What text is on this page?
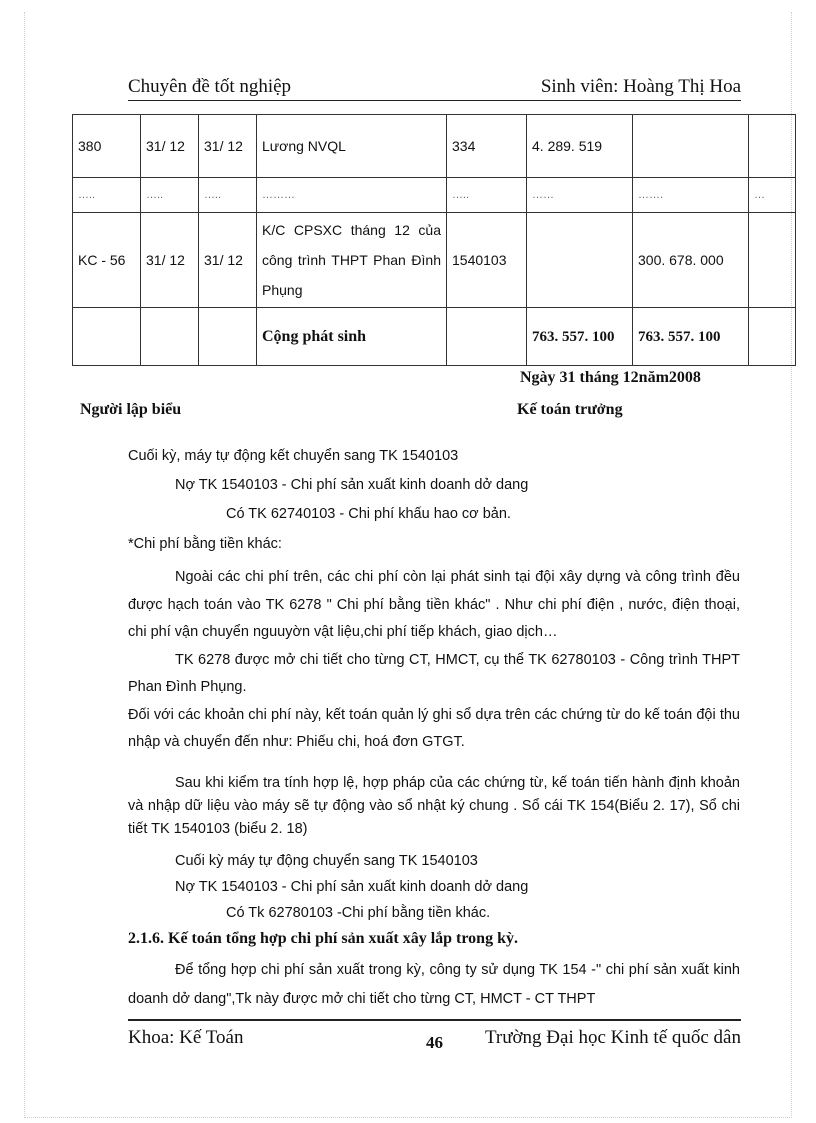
Chuyên đề tốt nghiệp	Sinh viên: Hoàng Thị Hoa
380	31/ 12	31/ 12	Lương NVQL	334	4. 289. 519		
…..	…..	…..	………	…..	……	…….	…
KC - 56	31/ 12	31/ 12	K/C CPSXC tháng 12 của công trình THPT Phan Đình Phụng	1540103		300. 678. 000	
			Cộng phát sinh		763. 557. 100	763. 557. 100	
Ngày 31 tháng 12năm2008
Người lập biểu	Kế toán trưởng
Cuối kỳ, máy tự động kết chuyển sang TK 1540103
Nợ TK 1540103 - Chi phí sản xuất kinh doanh dở dang
Có TK 62740103 - Chi phí khấu hao cơ bản.
*Chi phí bằng tiền khác:

Ngoài các chi phí trên, các chi phí còn lại phát sinh tại đội xây dựng và công trình đều được hạch toán vào TK 6278 " Chi phí bằng tiền khác" . Như chi phí điện , nước, điện thoại, chi phí vận chuyển nguuyờn vật liệu,chi phí tiếp khách, giao dịch…

TK 6278 được mở chi tiết cho từng CT, HMCT, cụ thể TK 62780103 - Công trình THPT Phan Đình Phụng.

Đối với các khoản chi phí này, kết toán quản lý ghi sổ dựa trên các chứng từ do kế toán đội thu nhập và chuyển đến như: Phiếu chi, hoá đơn GTGT.

Sau khi kiểm tra tính hợp lệ, hợp pháp của các chứng từ, kế toán tiến hành định khoản và nhập dữ liệu vào máy sẽ tự động vào sổ nhật ký chung . Sổ cái TK 154(Biểu 2. 17), Sổ chi tiết TK 1540103 (biểu 2. 18)

Cuối kỳ máy tự động chuyển sang TK 1540103
Nợ TK 1540103 - Chi phí sản xuất kinh doanh dở dang
Có Tk 62780103 -Chi phí bằng tiền khác.
2.1.6. Kế toán tổng hợp chi phí sản xuất xây lắp trong kỳ.

Để tổng hợp chi phí sản xuất trong kỳ, công ty sử dụng TK 154 -" chi phí sản xuất kinh doanh dở dang",Tk này được mở chi tiết cho từng CT, HMCT - CT THPT

Khoa: Kế Toán	46 Trường Đại học Kinh tế quốc dân
